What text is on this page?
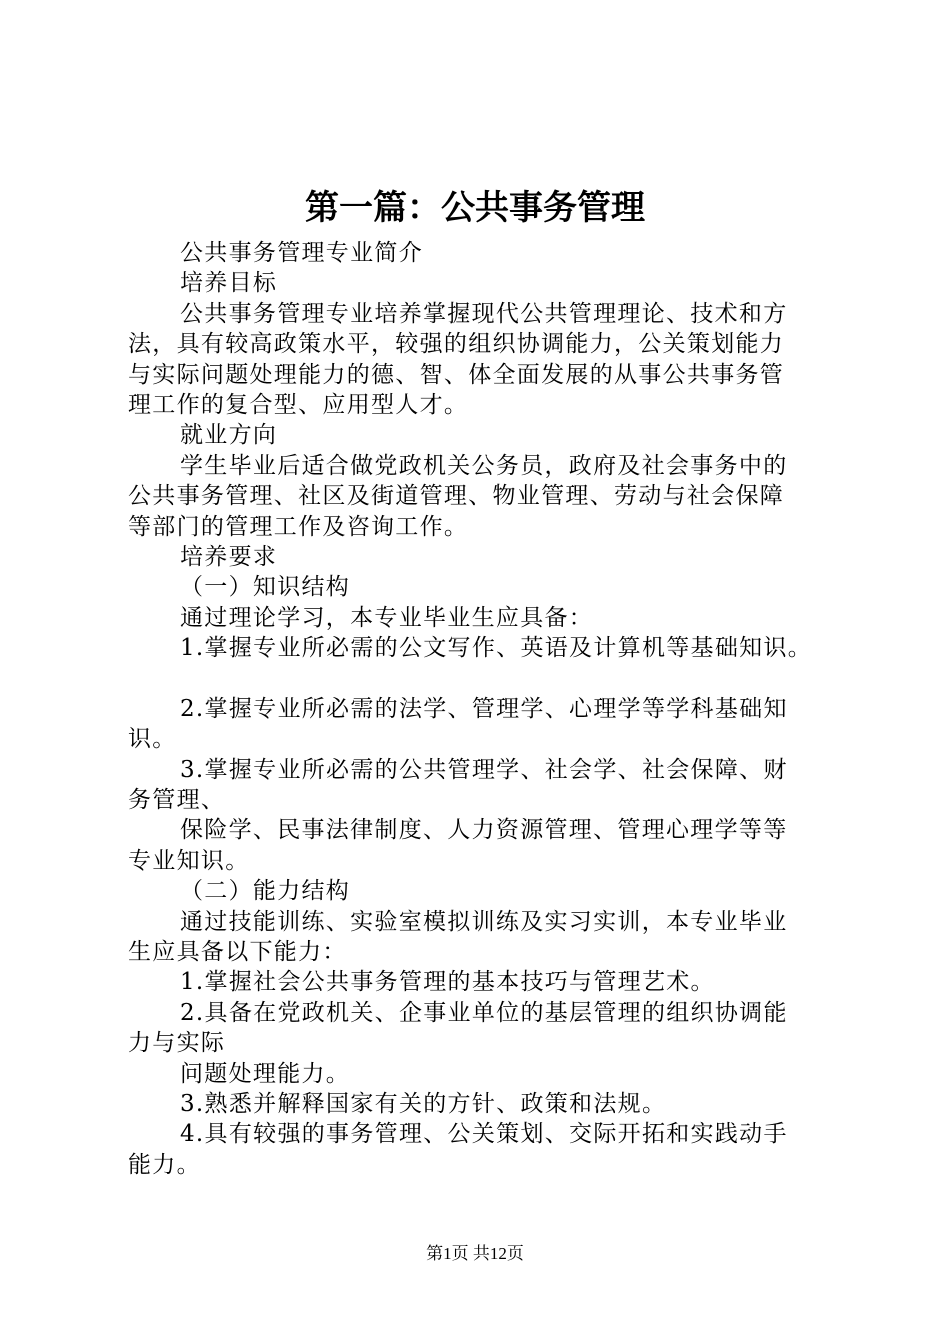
第一篇：公共事务管理

公共事务管理专业简介

培养目标

公共事务管理专业培养掌握现代公共管理理论、技术和方

法，具有较高政策水平，较强的组织协调能力，公关策划能力

与实际问题处理能力的德、智、体全面发展的从事公共事务管

理工作的复合型、应用型人才。

就业方向

学生毕业后适合做党政机关公务员，政府及社会事务中的

公共事务管理、社区及街道管理、物业管理、劳动与社会保障

等部门的管理工作及咨询工作。

培养要求

（一）知识结构

通过理论学习，本专业毕业生应具备：

1.掌握专业所必需的公文写作、英语及计算机等基础知识。

2.掌握专业所必需的法学、管理学、心理学等学科基础知

识。

3.掌握专业所必需的公共管理学、社会学、社会保障、财

务管理、

保险学、民事法律制度、人力资源管理、管理心理学等等

专业知识。

（二）能力结构

通过技能训练、实验室模拟训练及实习实训，本专业毕业

生应具备以下能力：

1.掌握社会公共事务管理的基本技巧与管理艺术。

2.具备在党政机关、企事业单位的基层管理的组织协调能

力与实际

问题处理能力。

3.熟悉并解释国家有关的方针、政策和法规。

4.具有较强的事务管理、公关策划、交际开拓和实践动手

能力。

第1页 共12页
